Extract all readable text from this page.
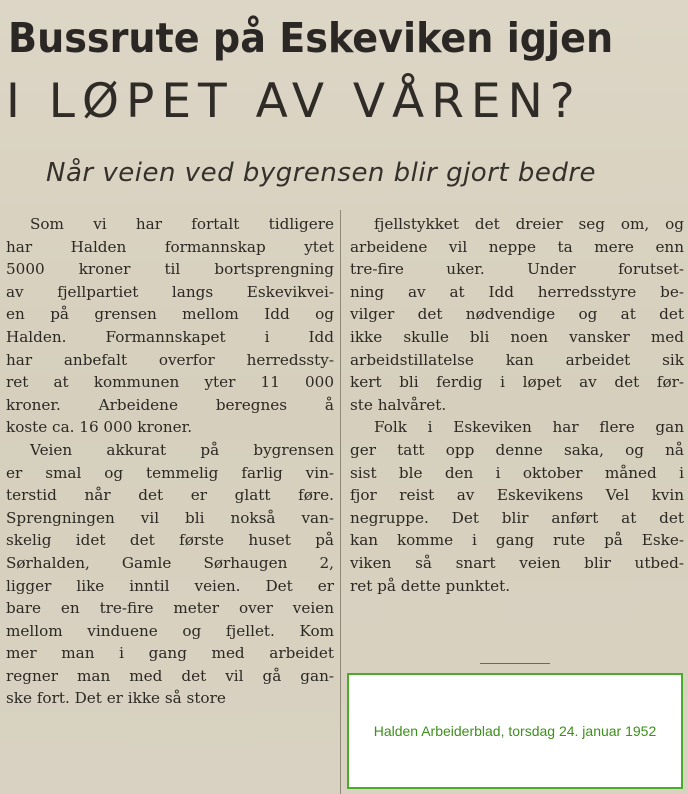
Bussrute på Eskeviken igjen
I LØPET AV VÅREN?
Når veien ved bygrensen blir gjort bedre

Som vi har fortalt tidligere
har Halden formannskap ytet
5000 kroner til bortsprengning
av fjellpartiet langs Eskevikvei-
en på grensen mellom Idd og
Halden. Formannskapet i Idd
har anbefalt overfor herredssty-
ret at kommunen yter 11 000
kroner. Arbeidene beregnes å
koste ca. 16 000 kroner.

Veien akkurat på bygrensen
er smal og temmelig farlig vin-
terstid når det er glatt føre.
Sprengningen vil bli nokså van-
skelig idet det første huset på
Sørhalden, Gamle Sørhaugen 2,
ligger like inntil veien. Det er
bare en tre-fire meter over veien
mellom vinduene og fjellet. Kom
mer man i gang med arbeidet
regner man med det vil gå gan-
ske fort. Det er ikke så store

fjellstykket det dreier seg om, og
arbeidene vil neppe ta mere enn
tre-fire uker. Under forutset-
ning av at Idd herredsstyre be-
vilger det nødvendige og at det
ikke skulle bli noen vansker med
arbeidstillatelse kan arbeidet sik
kert bli ferdig i løpet av det før-
ste halvåret.

Folk i Eskeviken har flere gan
ger tatt opp denne saka, og nå
sist ble den i oktober måned i
fjor reist av Eskevikens Vel kvin
negruppe. Det blir anført at det
kan komme i gang rute på Eske-
viken så snart veien blir utbed-
ret på dette punktet.

Halden Arbeiderblad, torsdag 24. januar 1952
